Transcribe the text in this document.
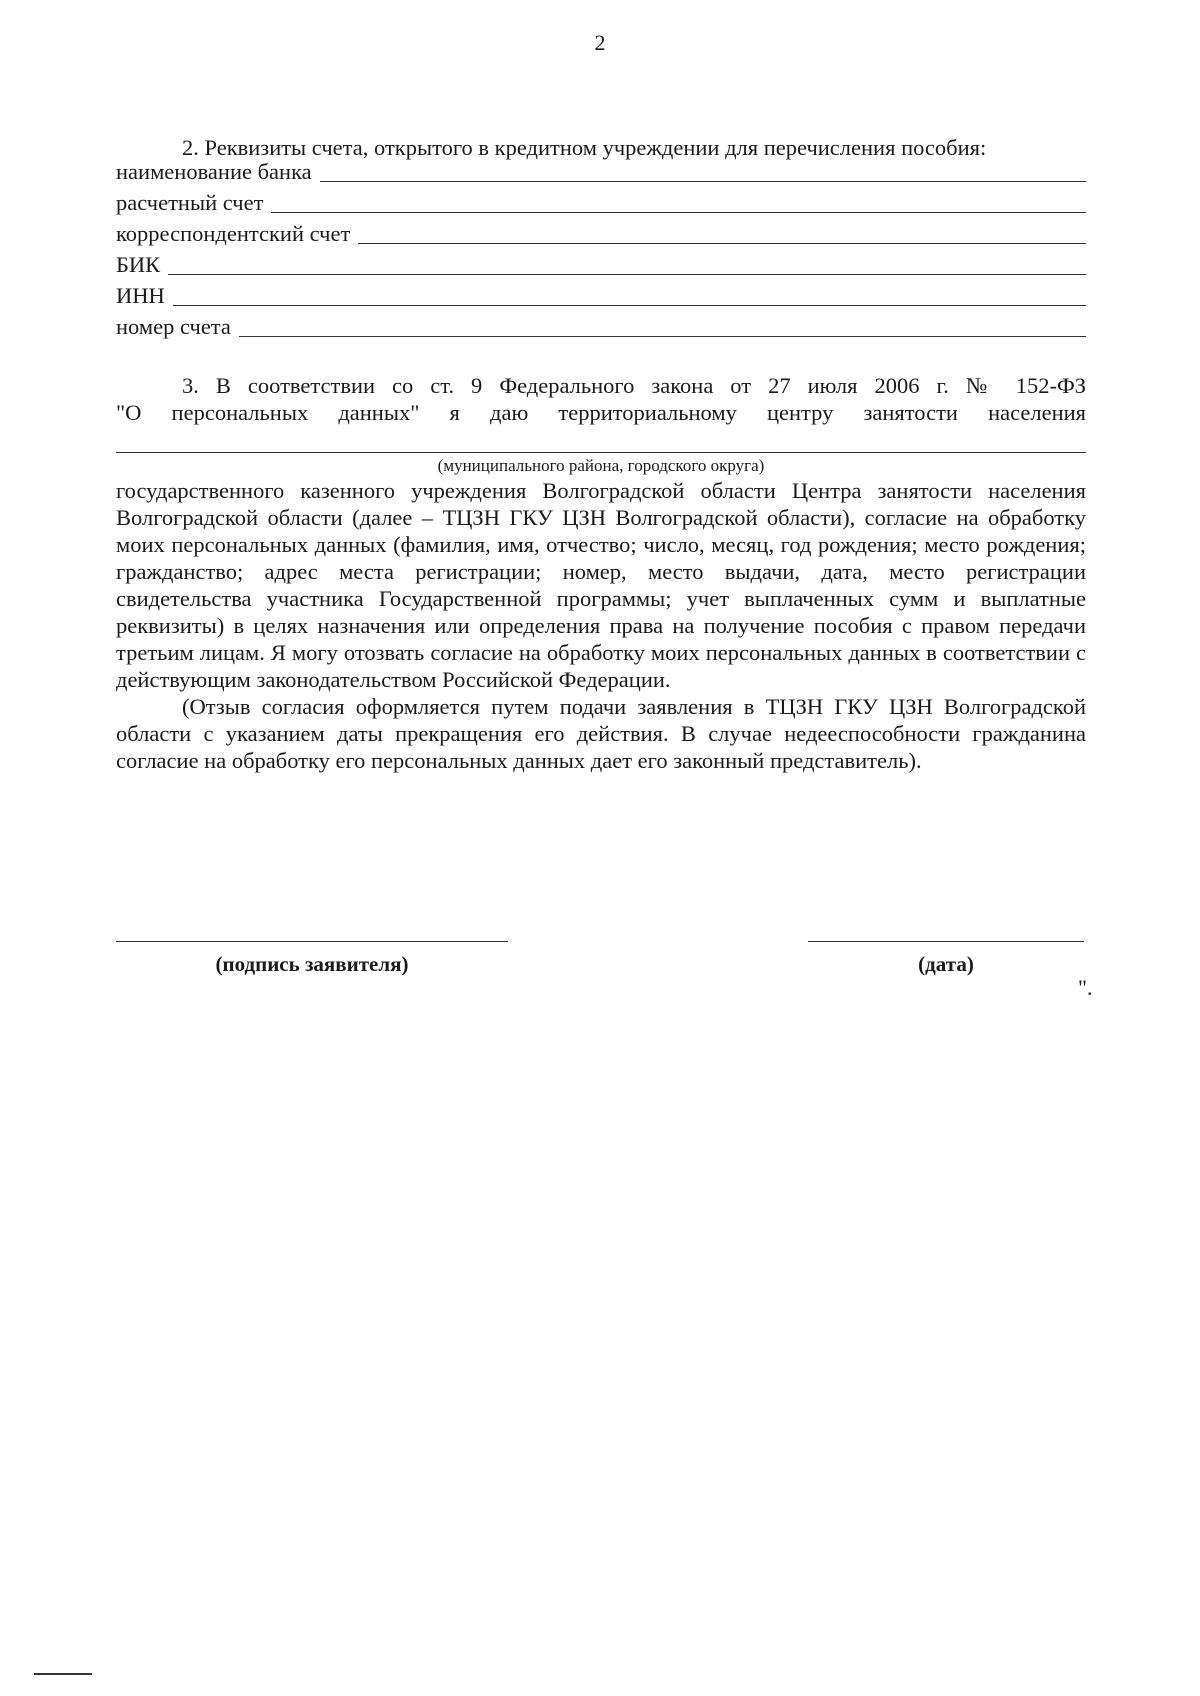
2

2. Реквизиты счета, открытого в кредитном учреждении для перечисления пособия:

наименование банка
расчетный счет
корреспондентский счет
БИК
ИНН
номер счета

3. В соответствии со ст. 9 Федерального закона от 27 июля 2006 г. № 152-ФЗ

"О персональных данных" я даю территориальному центру занятости населения

(муниципального района, городского округа)

государственного казенного учреждения Волгоградской области Центра занятости населения Волгоградской области (далее – ТЦЗН ГКУ ЦЗН Волгоградской области), согласие на обработку моих персональных данных (фамилия, имя, отчество; число, месяц, год рождения; место рождения; гражданство; адрес места регистрации; номер, место выдачи, дата, место регистрации свидетельства участника Государственной программы; учет выплаченных сумм и выплатные реквизиты) в целях назначения или определения права на получение пособия с правом передачи третьим лицам. Я могу отозвать согласие на обработку моих персональных данных в соответствии с действующим законодательством Российской Федерации.

(Отзыв согласия оформляется путем подачи заявления в ТЦЗН ГКУ ЦЗН Волгоградской области с указанием даты прекращения его действия. В случае недееспособности гражданина согласие на обработку его персональных данных дает его законный представитель).

(подпись заявителя)	(дата)
".
